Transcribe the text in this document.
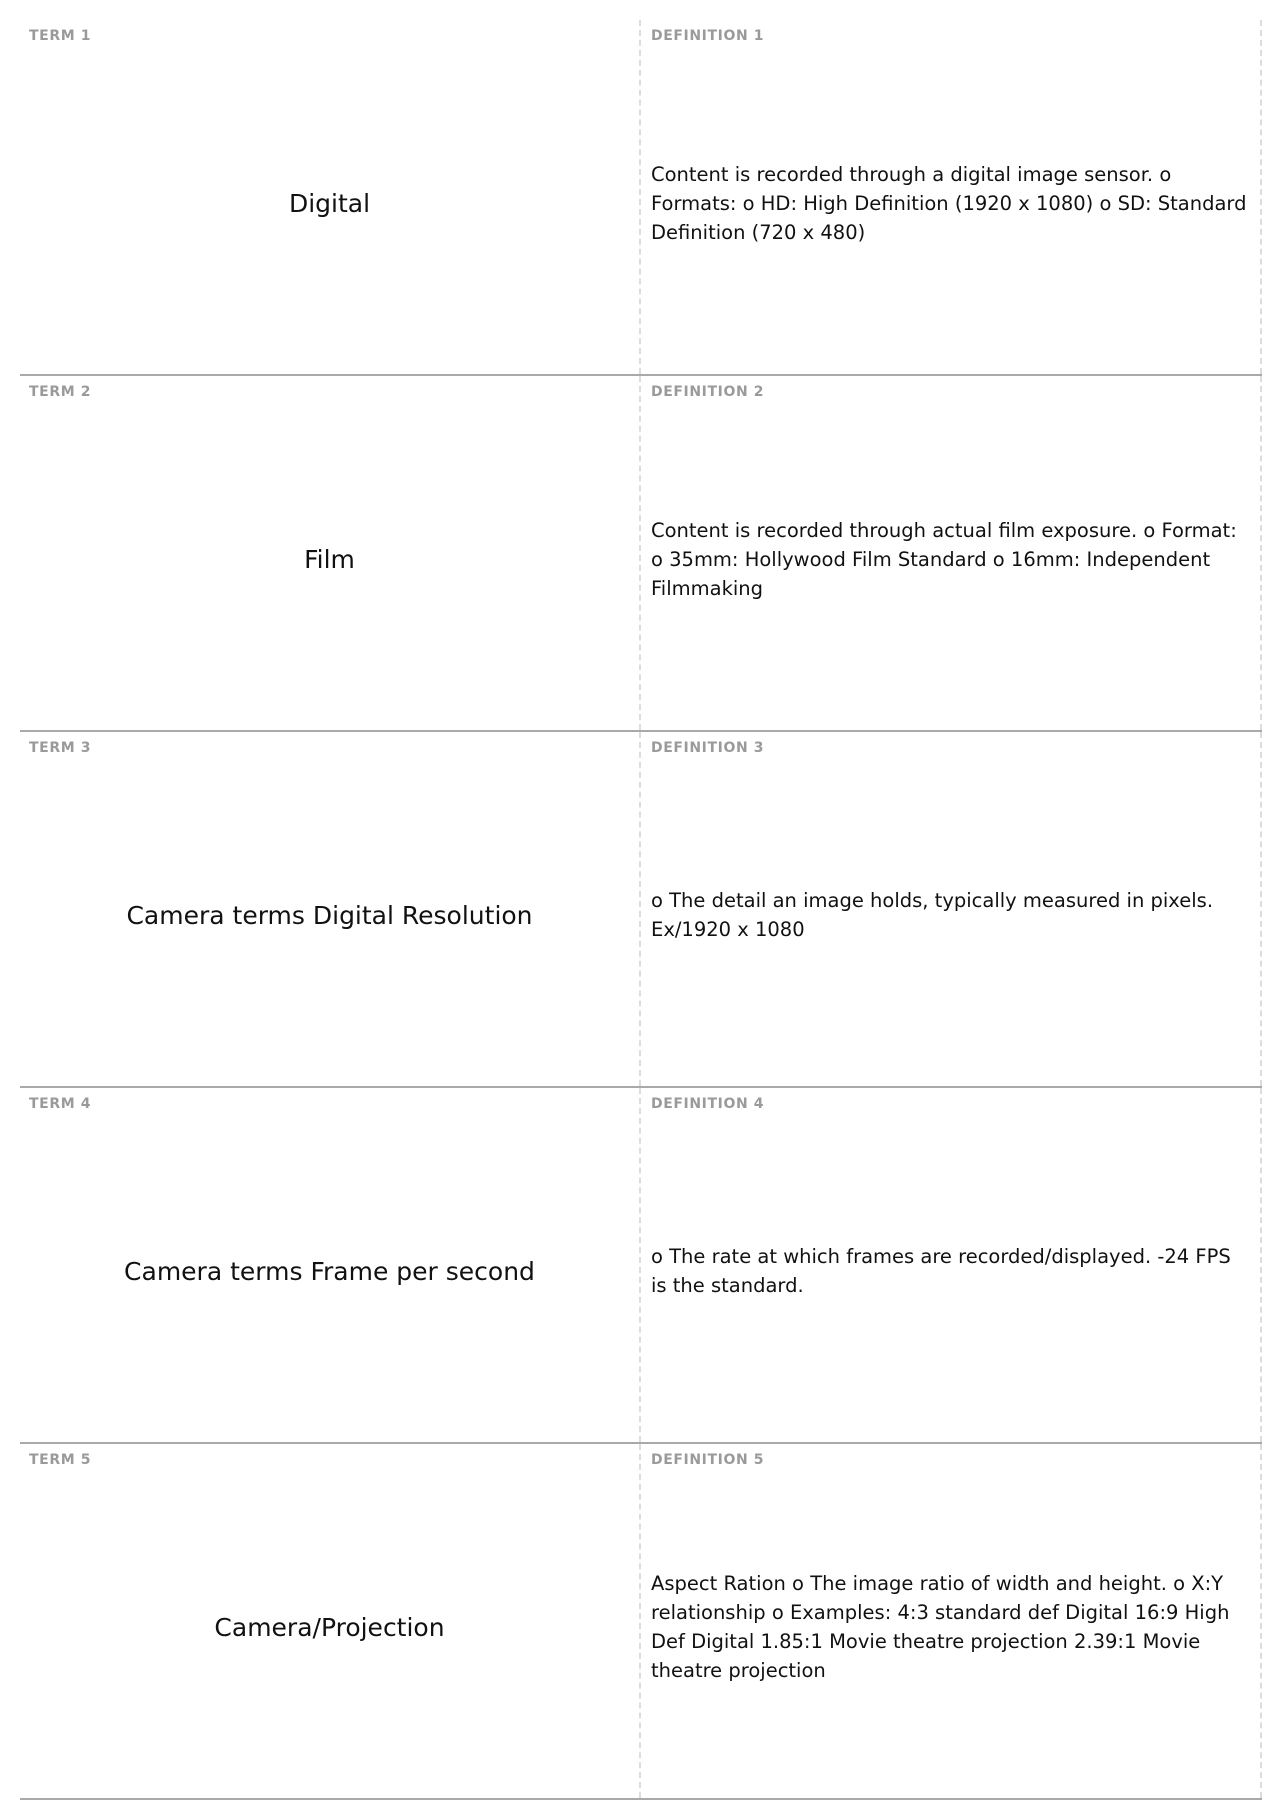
TERM 1
Digital
DEFINITION 1
Content is recorded through a digital image sensor. o Formats: o HD: High Definition (1920 x 1080) o SD: Standard Definition (720 x 480)
TERM 2
Film
DEFINITION 2
Content is recorded through actual film exposure. o Format: o 35mm: Hollywood Film Standard o 16mm: Independent Filmmaking
TERM 3
Camera terms Digital Resolution
DEFINITION 3
o The detail an image holds, typically measured in pixels. Ex/1920 x 1080
TERM 4
Camera terms Frame per second
DEFINITION 4
o The rate at which frames are recorded/displayed. -24 FPS is the standard.
TERM 5
Camera/Projection
DEFINITION 5
Aspect Ration o The image ratio of width and height. o X:Y relationship o Examples: 4:3 standard def Digital 16:9 High Def Digital 1.85:1 Movie theatre projection 2.39:1 Movie theatre projection
